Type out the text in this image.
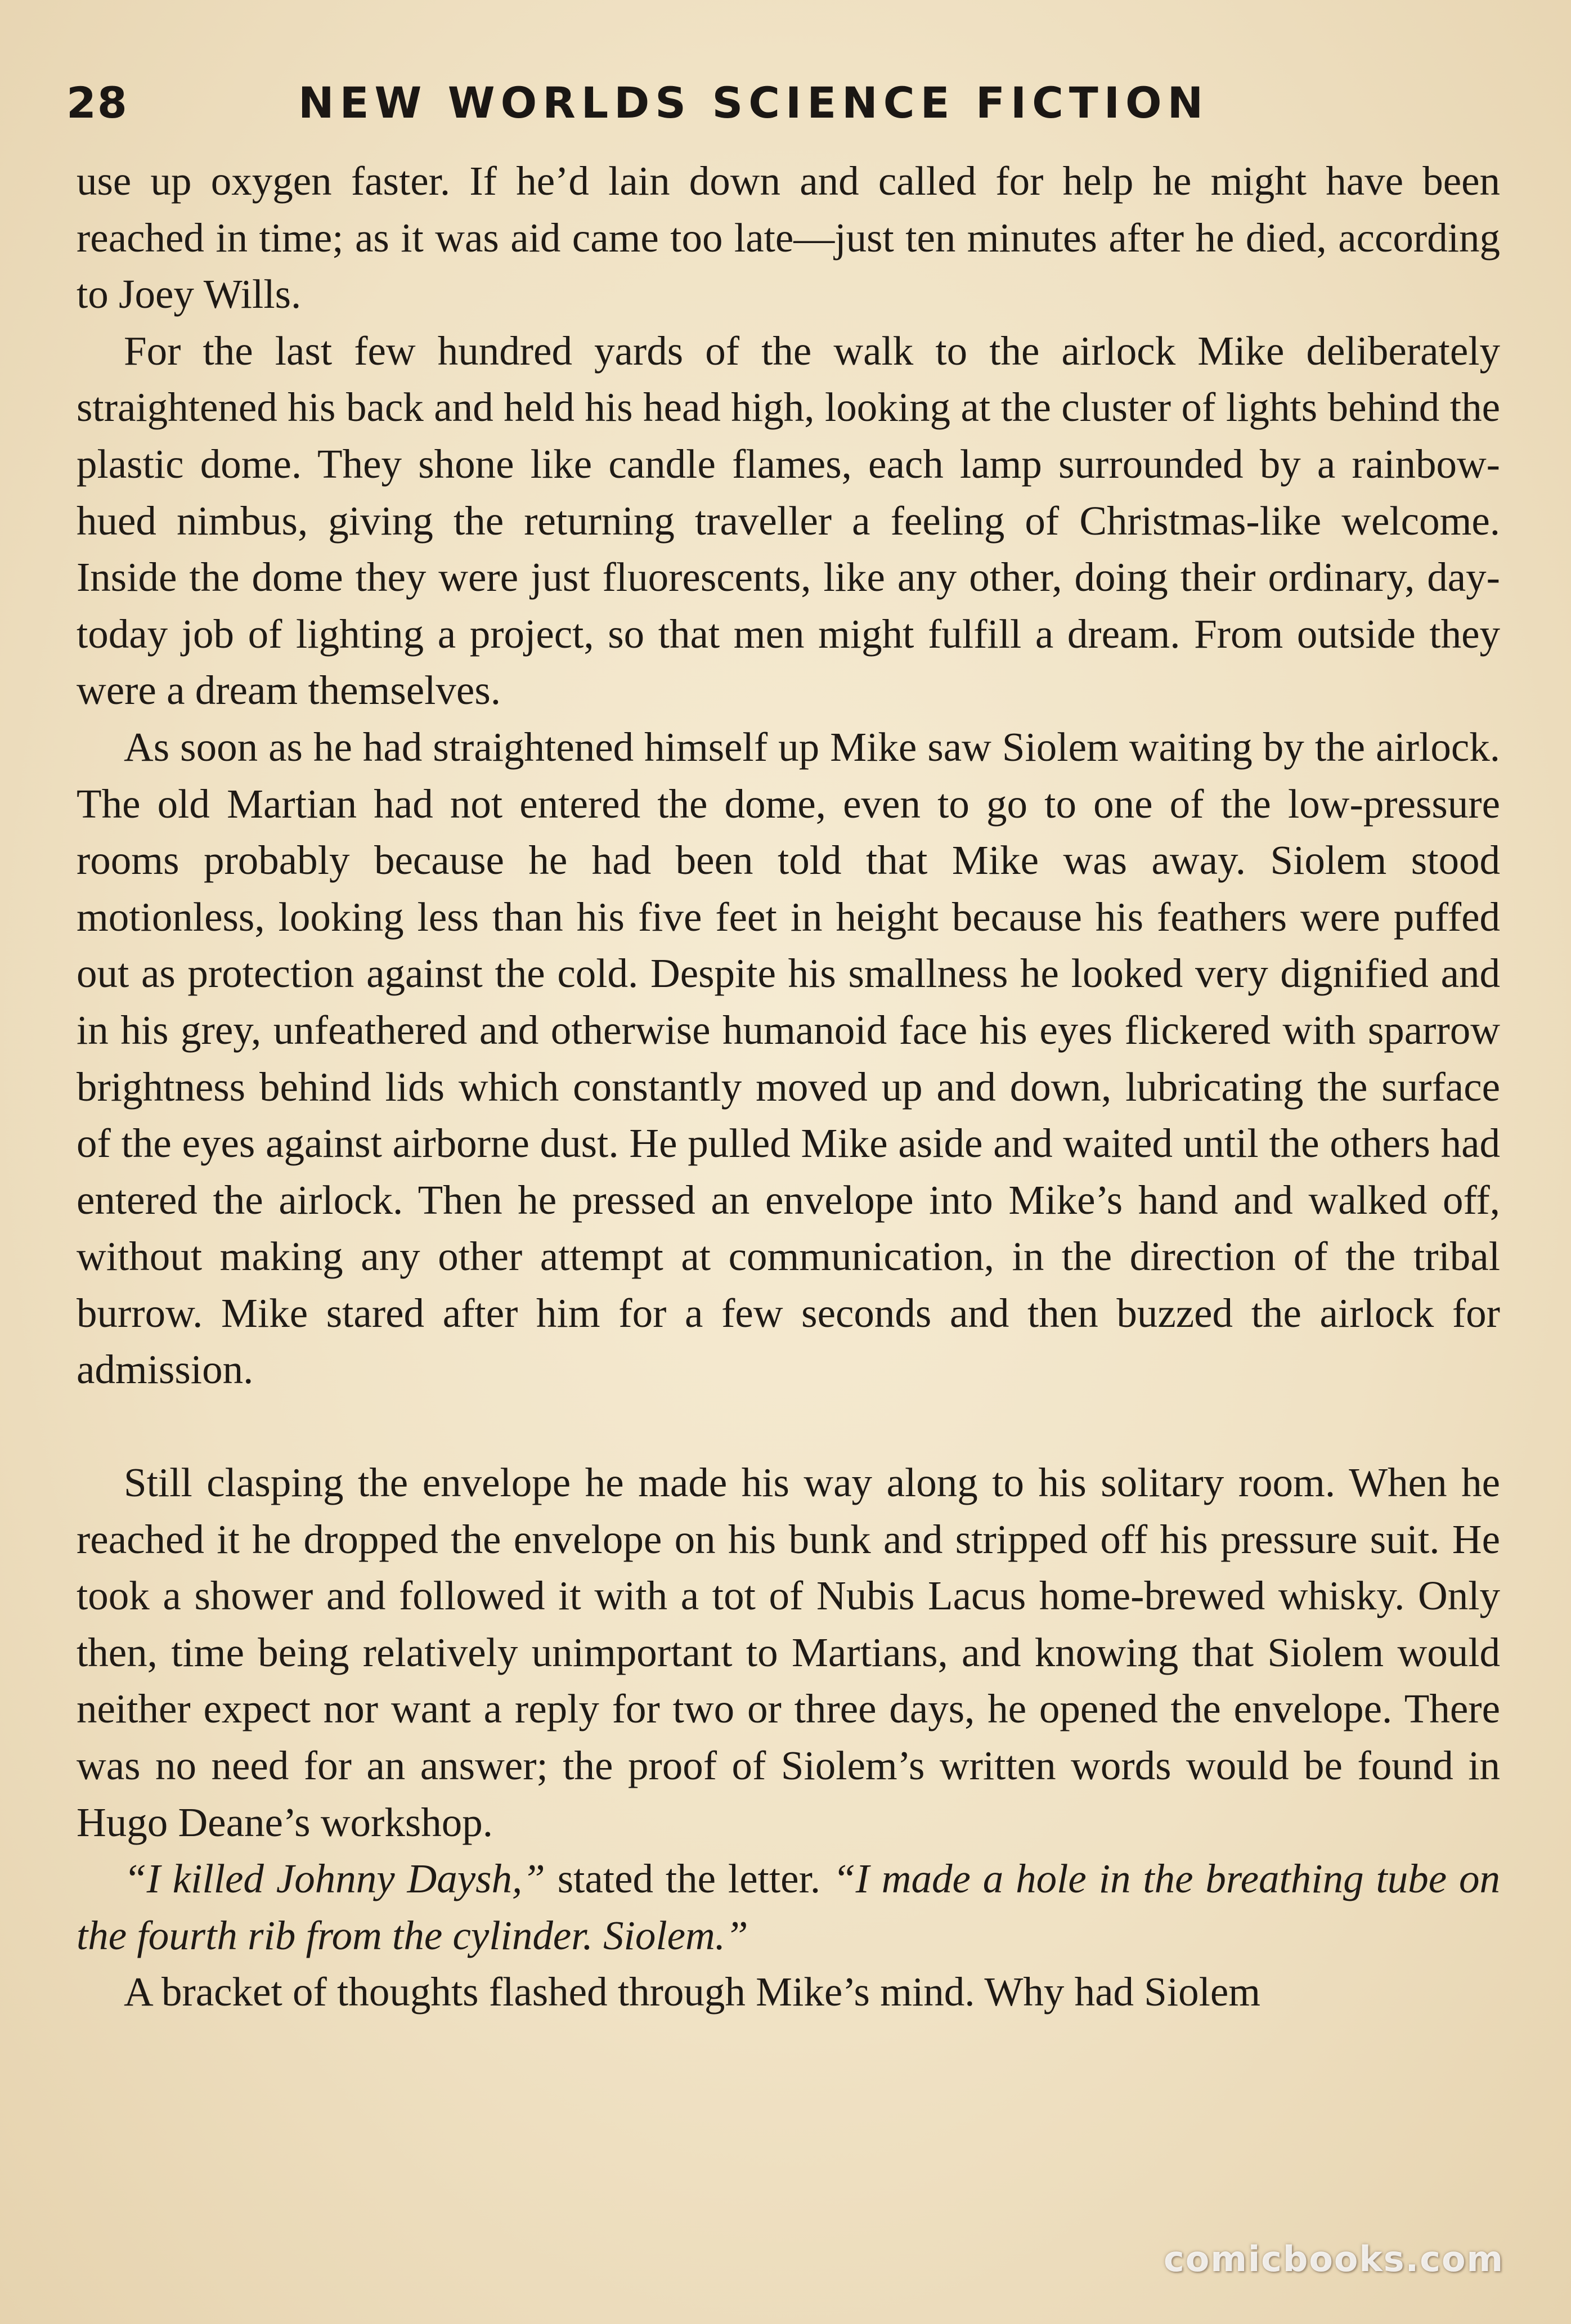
28	NEW WORLDS SCIENCE FICTION

use up oxygen faster. If he’d lain down and called for help he might have been reached in time; as it was aid came too late—just ten minutes after he died, according to Joey Wills.

For the last few hundred yards of the walk to the airlock Mike deliberately straightened his back and held his head high, looking at the cluster of lights behind the plastic dome. They shone like candle flames, each lamp surrounded by a rainbow-hued nimbus, giving the returning traveller a feeling of Christmas-like welcome. Inside the dome they were just fluorescents, like any other, doing their ordinary, day-today job of lighting a project, so that men might fulfill a dream. From outside they were a dream themselves.

As soon as he had straightened himself up Mike saw Siolem waiting by the airlock. The old Martian had not entered the dome, even to go to one of the low-pressure rooms probably because he had been told that Mike was away. Siolem stood motionless, looking less than his five feet in height because his feathers were puffed out as protection against the cold. Despite his smallness he looked very dignified and in his grey, unfeathered and otherwise humanoid face his eyes flickered with sparrow brightness behind lids which constantly moved up and down, lubricating the surface of the eyes against airborne dust. He pulled Mike aside and waited until the others had entered the airlock. Then he pressed an envelope into Mike’s hand and walked off, without making any other attempt at communication, in the direction of the tribal burrow. Mike stared after him for a few seconds and then buzzed the airlock for admission.

Still clasping the envelope he made his way along to his solitary room. When he reached it he dropped the envelope on his bunk and stripped off his pressure suit. He took a shower and followed it with a tot of Nubis Lacus home-brewed whisky. Only then, time being relatively unimportant to Martians, and knowing that Siolem would neither expect nor want a reply for two or three days, he opened the envelope. There was no need for an answer; the proof of Siolem’s written words would be found in Hugo Deane’s workshop.

“I killed Johnny Daysh,” stated the letter. “I made a hole in the breathing tube on the fourth rib from the cylinder. Siolem.”

A bracket of thoughts flashed through Mike’s mind. Why had Siolem

comicbooks.com
